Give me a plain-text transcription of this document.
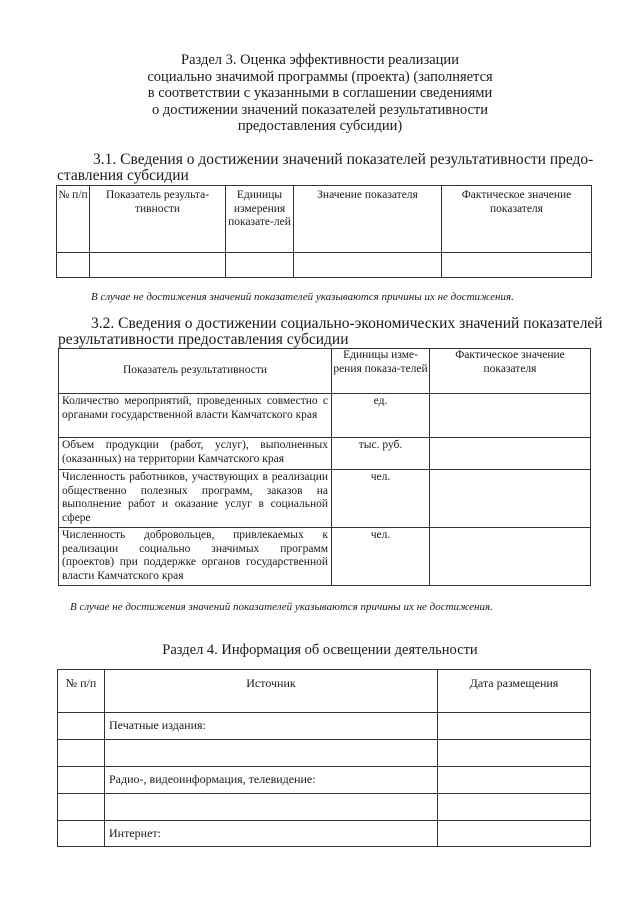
Раздел 3. Оценка эффективности реализации
социально значимой программы (проекта) (заполняется
в соответствии с указанными в соглашении сведениями
о достижении значений показателей результативности
предоставления субсидии)
3.1. Сведения о достижении значений показателей результативности предо-
ставления субсидии
№ п/п	Показатель результа-тивности	Единицы измерения показате-лей	Значение показателя	Фактическое значение показателя

В случае не достижения значений показателей указываются причины их не достижения.
3.2. Сведения о достижении социально-экономических значений показателей
результативности предоставления субсидии
Показатель результативности	Единицы изме-рения показа-телей	Фактическое значение показателя
Количество мероприятий, проведенных совместно с органами государственной власти Камчатского края	ед.	
Объем продукции (работ, услуг), выполненных (оказанных) на территории Камчатского края	тыс. руб.	
Численность работников, участвующих в реализации общественно полезных программ, заказов на выполнение работ и оказание услуг в социальной сфере	чел.	
Численность добровольцев, привлекаемых к реализации социально значимых программ (проектов) при поддержке органов государственной власти Камчатского края	чел.	
В случае не достижения значений показателей указываются причины их не достижения.
Раздел 4. Информация об освещении деятельности
№ п/п	Источник	Дата размещения
	Печатные издания:	

	Радио-, видеоинформация, телевидение:	

	Интернет:	
